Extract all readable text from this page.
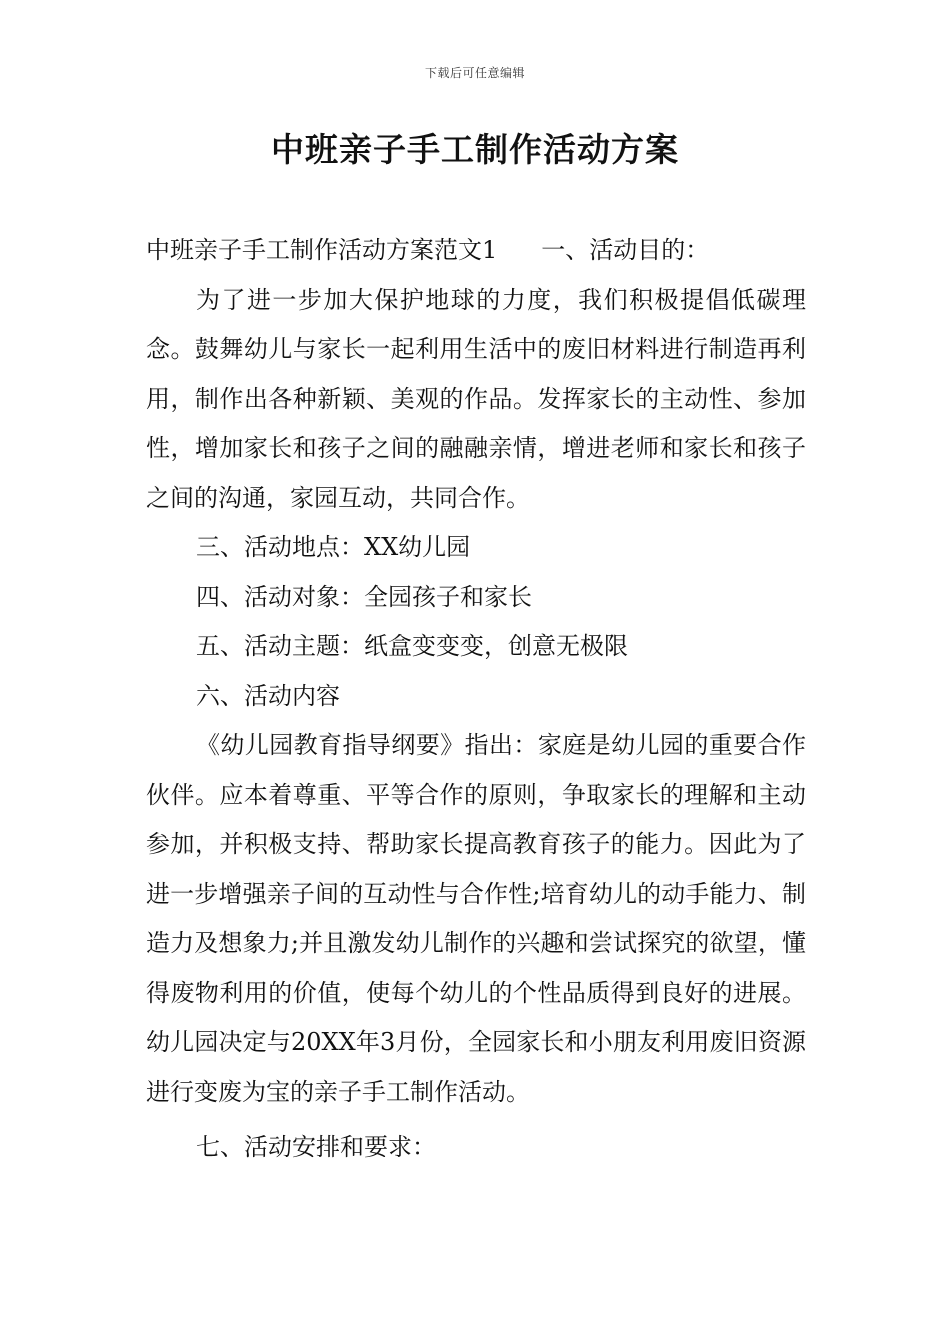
下载后可任意编辑
中班亲子手工制作活动方案

中班亲子手工制作活动方案范文1 一、活动目的：

为了进一步加大保护地球的力度，我们积极提倡低碳理念。鼓舞幼儿与家长一起利用生活中的废旧材料进行制造再利用，制作出各种新颖、美观的作品。发挥家长的主动性、参加性，增加家长和孩子之间的融融亲情，增进老师和家长和孩子之间的沟通，家园互动，共同合作。

三、活动地点：XX幼儿园

四、活动对象：全园孩子和家长

五、活动主题：纸盒变变变，创意无极限

六、活动内容

《幼儿园教育指导纲要》指出：家庭是幼儿园的重要合作伙伴。应本着尊重、平等合作的原则，争取家长的理解和主动参加，并积极支持、帮助家长提高教育孩子的能力。因此为了进一步增强亲子间的互动性与合作性;培育幼儿的动手能力、制造力及想象力;并且激发幼儿制作的兴趣和尝试探究的欲望，懂得废物利用的价值，使每个幼儿的个性品质得到良好的进展。幼儿园决定与20XX年3月份，全园家长和小朋友利用废旧资源进行变废为宝的亲子手工制作活动。

七、活动安排和要求：
